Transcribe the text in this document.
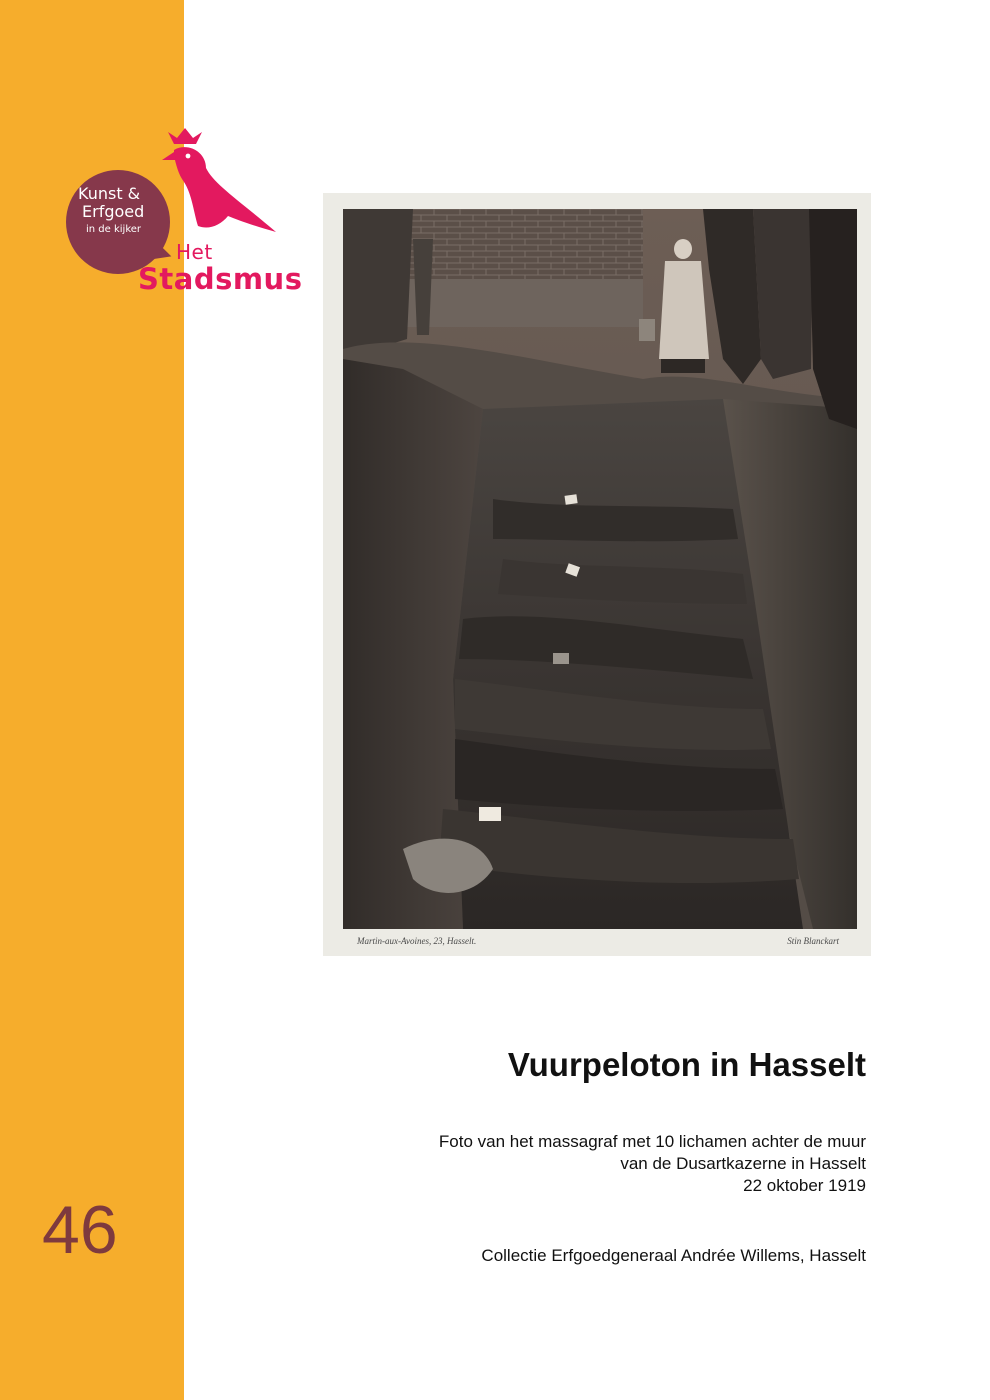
46
Kunst &
Erfgoed
in de kijker
Het
Stadsmus
Martin-aux-Avoines, 23, Hasselt.	Stin Blanckart
Vuurpeloton in Hasselt
Foto van het massagraf met 10 lichamen achter de muur
van de Dusartkazerne in Hasselt
22 oktober 1919
Collectie Erfgoedgeneraal Andrée Willems, Hasselt
